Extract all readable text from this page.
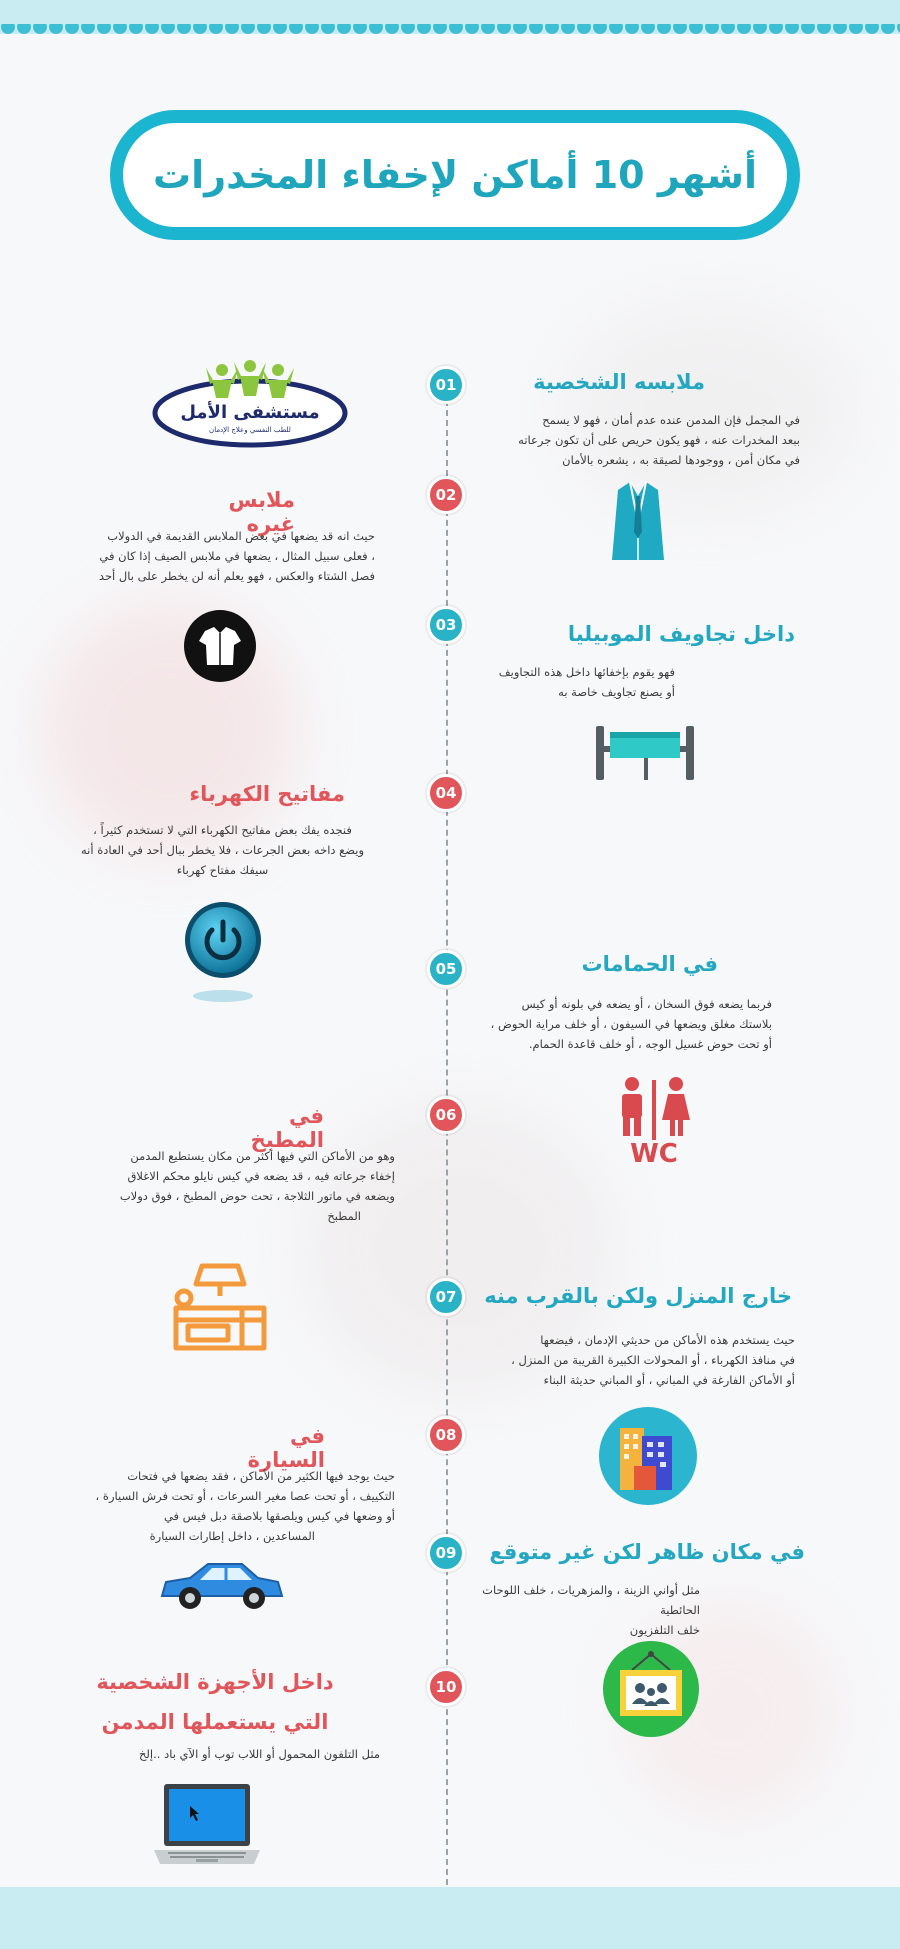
أشهر 10 أماكن لإخفاء المخدرات
مستشفى الأمل
للطب النفسي وعلاج الإدمان
01	ملابسه الشخصية
في المجمل فإن المدمن عنده عدم أمان ، فهو لا يسمح
ببعد المخدرات عنه ، فهو يكون حريص على أن تكون جرعاته
في مكان أمن ، ووجودها لصيقة به ، يشعره بالأمان
02
ملابس غيره
حيث انه قد يضعها في بعض الملابس القديمة في الدولاب
، فعلى سبيل المثال ، يضعها في ملابس الصيف إذا كان في
فصل الشتاء والعكس ، فهو يعلم أنه لن يخطر على بال أحد
03	داخل تجاويف الموبيليا
فهو يقوم بإخفائها داخل هذه التجاويف
أو يصنع تجاويف خاصة به
04
مفاتيح الكهرباء
فنجده يفك بعض مفاتيح الكهرباء التي لا تستخدم كثيراً ،
ويضع داخه بعض الجرعات ، فلا يخطر ببال أحد في العادة أنه
سيفك مفتاح كهرباء
05	في الحمامات
فربما يضعه فوق السخان ، أو يضعه في بلونه أو كيس
بلاستك مغلق ويضعها في السيفون ، أو خلف مراية الحوض ،
أو تحت حوض غسيل الوجه ، أو خلف قاعدة الحمام.
WC
06
في المطبخ
وهو من الأماكن التي فيها أكثر من مكان يستطيع المدمن
إخفاء جرعاته فيه ، قد يضعه في كيس نايلو محكم الاغلاق
ويضعه في ماتور الثلاجة ، تحت حوض المطبخ ، فوق دولاب
المطبخ
07	خارج المنزل ولكن بالقرب منه
حيث يستخدم هذه الأماكن من حديثي الإدمان ، فيضعها
في منافذ الكهرباء ، أو المحولات الكبيرة القريبة من المنزل ،
أو الأماكن الفارغة في المباني ، أو المباني حديثة البناء
08
في السيارة
حيث يوجد فيها الكثير من الأماكن ، فقد يضعها في فتحات
التكييف ، أو تحت عصا مغير السرعات ، أو تحت فرش السيارة ،
أو وضعها في كيس ويلصقها بلاصقة دبل فيس في
المساعدين ، داخل إطارات السيارة
09	في مكان ظاهر لكن غير متوقع
مثل أواني الزينة ، والمزهريات ، خلف اللوحات الحائطية
خلف التلفزيون
10
داخل الأجهزة الشخصية
التي يستعملها المدمن
مثل التلفون المحمول أو اللاب توب أو الآي باد ..إلخ
